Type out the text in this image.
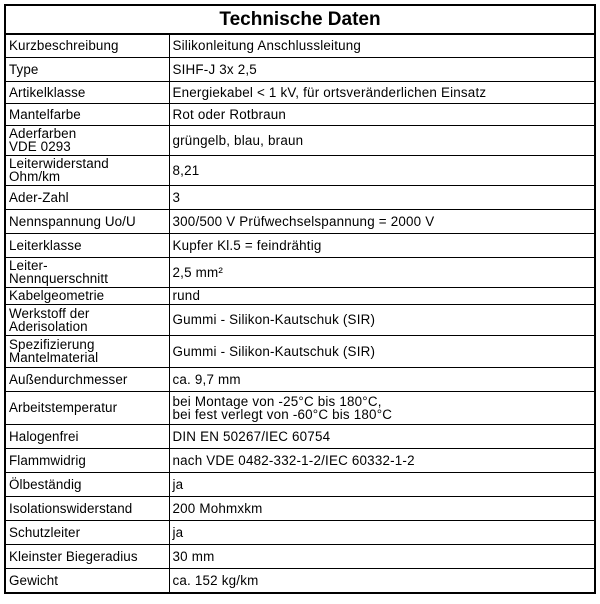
Technische Daten
Kurzbeschreibung	Silikonleitung Anschlussleitung
Type	SIHF-J 3x 2,5
Artikelklasse	Energiekabel < 1 kV, für ortsveränderlichen Einsatz
Mantelfarbe	Rot oder Rotbraun
Aderfarben
VDE 0293	grüngelb, blau, braun
Leiterwiderstand
Ohm/km	8,21
Ader-Zahl	3
Nennspannung Uo/U	300/500 V Prüfwechselspannung = 2000 V
Leiterklasse	Kupfer Kl.5 = feindrähtig
Leiter-
Nennquerschnitt	2,5 mm²
Kabelgeometrie	rund
Werkstoff der
Aderisolation	Gummi - Silikon-Kautschuk (SIR)
Spezifizierung
Mantelmaterial	Gummi - Silikon-Kautschuk (SIR)
Außendurchmesser	ca. 9,7 mm
Arbeitstemperatur	bei Montage von -25°C bis 180°C,
bei fest verlegt von -60°C bis 180°C
Halogenfrei	DIN EN 50267/IEC 60754
Flammwidrig	nach VDE 0482-332-1-2/IEC 60332-1-2
Ölbeständig	ja
Isolationswiderstand	200 Mohmxkm
Schutzleiter	ja
Kleinster Biegeradius	30 mm
Gewicht	ca. 152 kg/km
